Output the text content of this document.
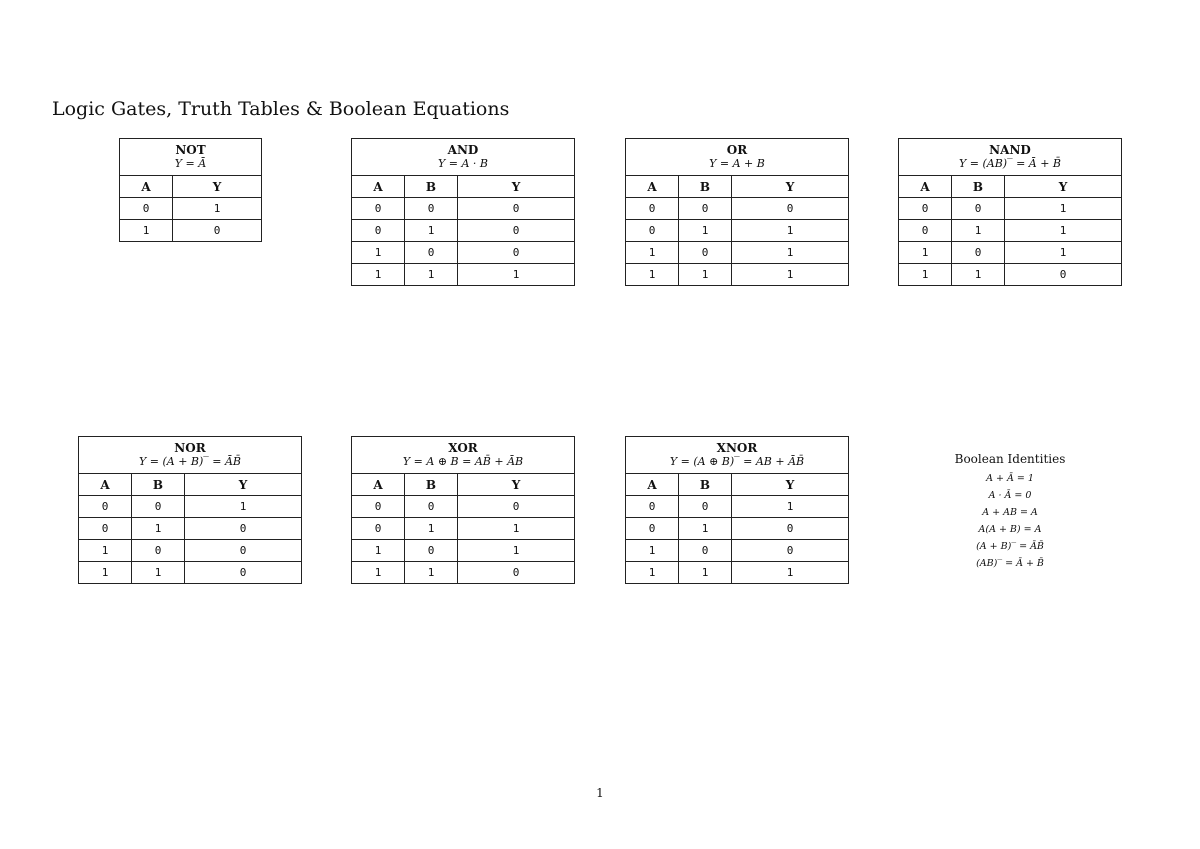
Logic Gates, Truth Tables & Boolean Equations
NOT
Y = Ā	

A	Y
0	1
1	0
AND
Y = A · B		

A	B	Y
0	0	0
0	1	0
1	0	0
1	1	1
OR
Y = A + B		

A	B	Y
0	0	0
0	1	1
1	0	1
1	1	1
NAND
Y = (AB)‾ = Ā + B̄		

A	B	Y
0	0	1
0	1	1
1	0	1
1	1	0
NOR
Y = (A + B)‾ = ĀB̄		

A	B	Y
0	0	1
0	1	0
1	0	0
1	1	0
XOR
Y = A ⊕ B = AB̄ + ĀB		

A	B	Y
0	0	0
0	1	1
1	0	1
1	1	0
XNOR
Y = (A ⊕ B)‾ = AB + ĀB̄		

A	B	Y
0	0	1
0	1	0
1	0	0
1	1	1
Boolean Identities
A + Ā = 1
A · Ā = 0
A + AB = A
A(A + B) = A
(A + B)‾ = ĀB̄
(AB)‾ = Ā + B̄
1
